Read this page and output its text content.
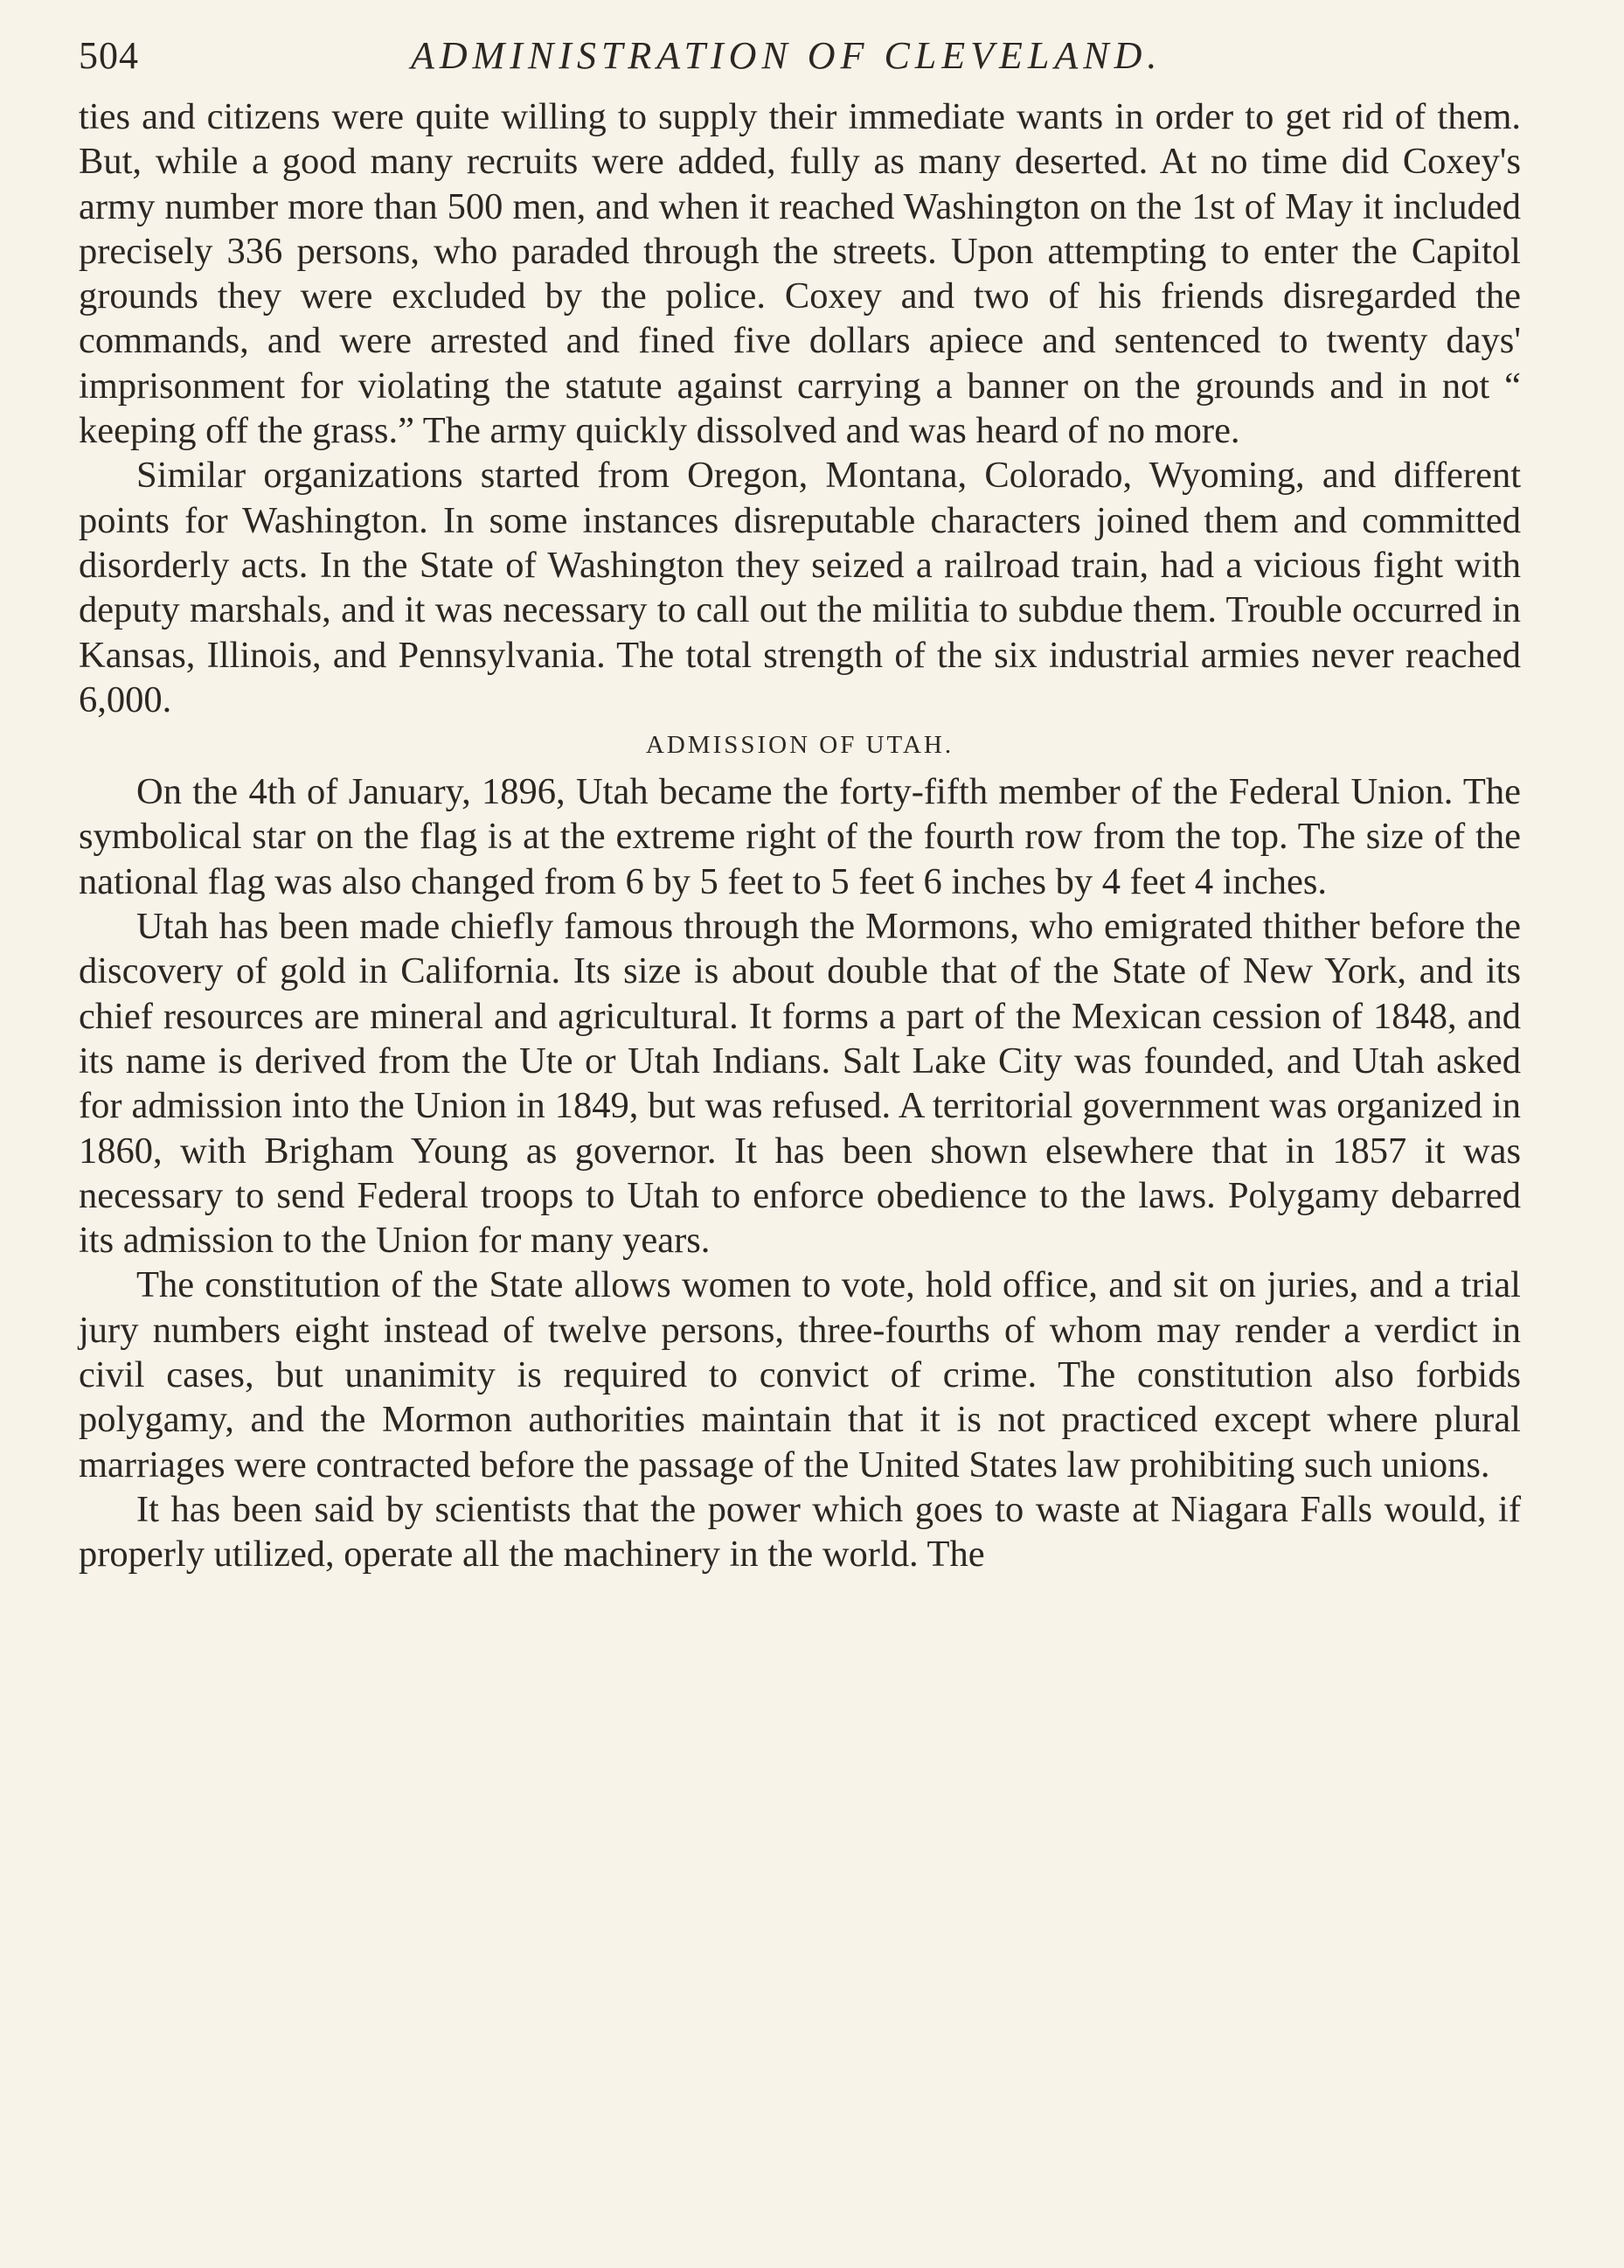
504	ADMINISTRATION OF CLEVELAND.

ties and citizens were quite willing to supply their immediate wants in order to get rid of them. But, while a good many recruits were added, fully as many deserted. At no time did Coxey's army number more than 500 men, and when it reached Washington on the 1st of May it included precisely 336 persons, who paraded through the streets. Upon attempting to enter the Capitol grounds they were excluded by the police. Coxey and two of his friends disregarded the commands, and were arrested and fined five dollars apiece and sentenced to twenty days' imprisonment for violating the statute against carrying a banner on the grounds and in not “ keeping off the grass.” The army quickly dissolved and was heard of no more.

Similar organizations started from Oregon, Montana, Colorado, Wyoming, and different points for Washington. In some instances disreputable characters joined them and committed disorderly acts. In the State of Washington they seized a railroad train, had a vicious fight with deputy marshals, and it was necessary to call out the militia to subdue them. Trouble occurred in Kansas, Illinois, and Pennsylvania. The total strength of the six industrial armies never reached 6,000.

ADMISSION OF UTAH.

On the 4th of January, 1896, Utah became the forty-fifth member of the Federal Union. The symbolical star on the flag is at the extreme right of the fourth row from the top. The size of the national flag was also changed from 6 by 5 feet to 5 feet 6 inches by 4 feet 4 inches.

Utah has been made chiefly famous through the Mormons, who emigrated thither before the discovery of gold in California. Its size is about double that of the State of New York, and its chief resources are mineral and agricultural. It forms a part of the Mexican cession of 1848, and its name is derived from the Ute or Utah Indians. Salt Lake City was founded, and Utah asked for admission into the Union in 1849, but was refused. A territorial government was organized in 1860, with Brigham Young as governor. It has been shown elsewhere that in 1857 it was necessary to send Federal troops to Utah to enforce obedience to the laws. Polygamy debarred its admission to the Union for many years.

The constitution of the State allows women to vote, hold office, and sit on juries, and a trial jury numbers eight instead of twelve persons, three-fourths of whom may render a verdict in civil cases, but unanimity is required to convict of crime. The constitution also forbids polygamy, and the Mormon authorities maintain that it is not practiced except where plural marriages were contracted before the passage of the United States law prohibiting such unions.

It has been said by scientists that the power which goes to waste at Niagara Falls would, if properly utilized, operate all the machinery in the world. The
